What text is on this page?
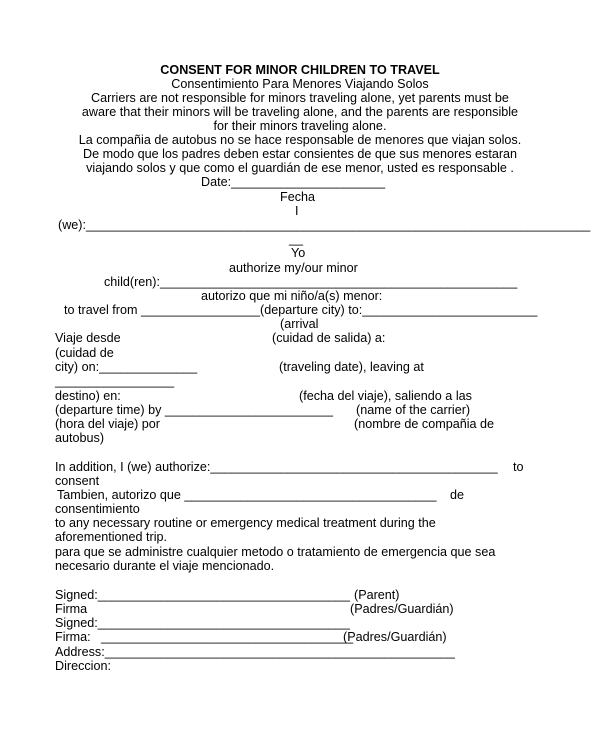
CONSENT FOR MINOR CHILDREN TO TRAVEL
Consentimiento Para Menores Viajando Solos
Carriers are not responsible for minors traveling alone, yet parents must be
aware that their minors will be traveling alone, and the parents are responsible
for their minors traveling alone.
La compañia de autobus no se hace responsable de menores que viajan solos.
De modo que los padres deben estar consientes de que sus menores estaran
viajando solos y que como el guardián de ese menor, usted es responsable .
Date:______________________
Fecha
I
(we):________________________________________________________________________
__
Yo
authorize my/our minor
child(ren):___________________________________________________
autorizo que mi niño/a(s) menor:
to travel from _________________(departure city) to:_________________________
(arrival
Viaje desde	(cuidad de salida) a:
(cuidad de
city) on:______________	(traveling date), leaving at
_________________
destino) en:	(fecha del viaje), saliendo a las
(departure time) by ________________________ (name of the carrier)
(hora del viaje) por	(nombre de compañia de
autobus)
In addition, I (we) authorize:_________________________________________ to
consent
Tambien, autorizo que ____________________________________ de
consentimiento
to any necessary routine or emergency medical treatment during the
aforementioned trip.
para que se administre cualquier metodo o tratamiento de emergencia que sea
necesario durante el viaje mencionado.
Signed:____________________________________ (Parent)
Firma	(Padres/Guardián)
Signed:____________________________________
Firma: ____________________________________
(Padres/Guardián)
Address:__________________________________________________
Direccion:
